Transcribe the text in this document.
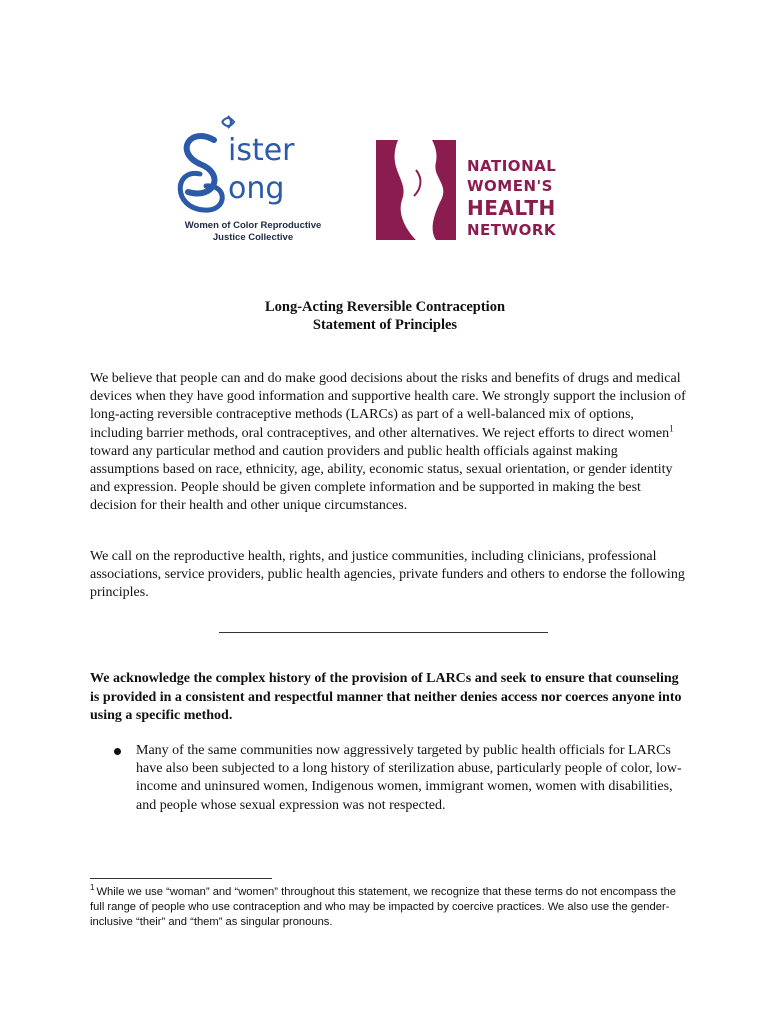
ister
ong
Women of Color Reproductive
Justice Collective
NATIONAL
WOMEN'S
HEALTH
NETWORK
Long-Acting Reversible Contraception
Statement of Principles

We believe that people can and do make good decisions about the risks and benefits of drugs and medical devices when they have good information and supportive health care. We strongly support the inclusion of long-acting reversible contraceptive methods (LARCs) as part of a well-balanced mix of options, including barrier methods, oral contraceptives, and other alternatives. We reject efforts to direct women$^1$ toward any particular method and caution providers and public health officials against making assumptions based on race, ethnicity, age, ability, economic status, sexual orientation, or gender identity and expression. People should be given complete information and be supported in making the best decision for their health and other unique circumstances.

We call on the reproductive health, rights, and justice communities, including clinicians, professional associations, service providers, public health agencies, private funders and others to endorse the following principles.

We acknowledge the complex history of the provision of LARCs and seek to ensure that counseling is provided in a consistent and respectful manner that neither denies access nor coerces anyone into using a specific method.

Many of the same communities now aggressively targeted by public health officials for LARCs have also been subjected to a long history of sterilization abuse, particularly people of color, low-income and uninsured women, Indigenous women, immigrant women, women with disabilities, and people whose sexual expression was not respected.

$^1$ While we use “woman” and “women” throughout this statement, we recognize that these terms do not encompass the full range of people who use contraception and who may be impacted by coercive practices. We also use the gender-inclusive “their” and “them” as singular pronouns.
